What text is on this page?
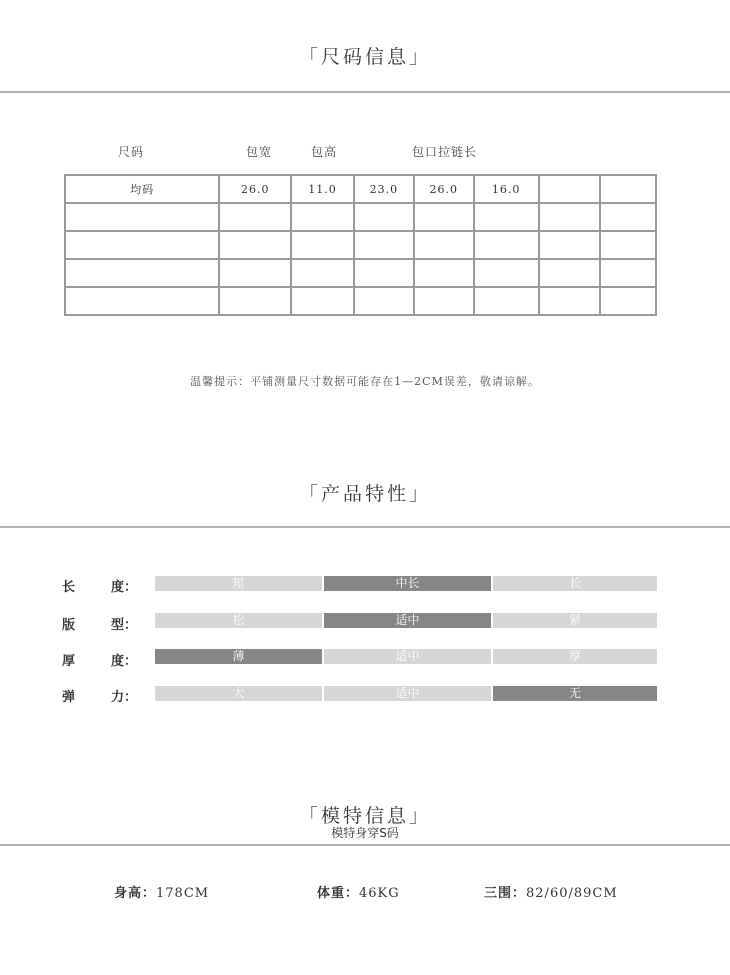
「尺码信息」
尺码	包宽	包高	包口拉链长
均码	26.0	11.0	23.0	26.0	16.0		

温馨提示：平铺测量尺寸数据可能存在1—2CM误差，敬请谅解。
「产品特性」
长	度：	短	中长	长
版	型：	松	适中	紧
厚	度：	薄	适中	厚
弹	力：	大	适中	无
「模特信息」
模特身穿S码
身高：178CM	体重：46KG	三围：82/60/89CM
